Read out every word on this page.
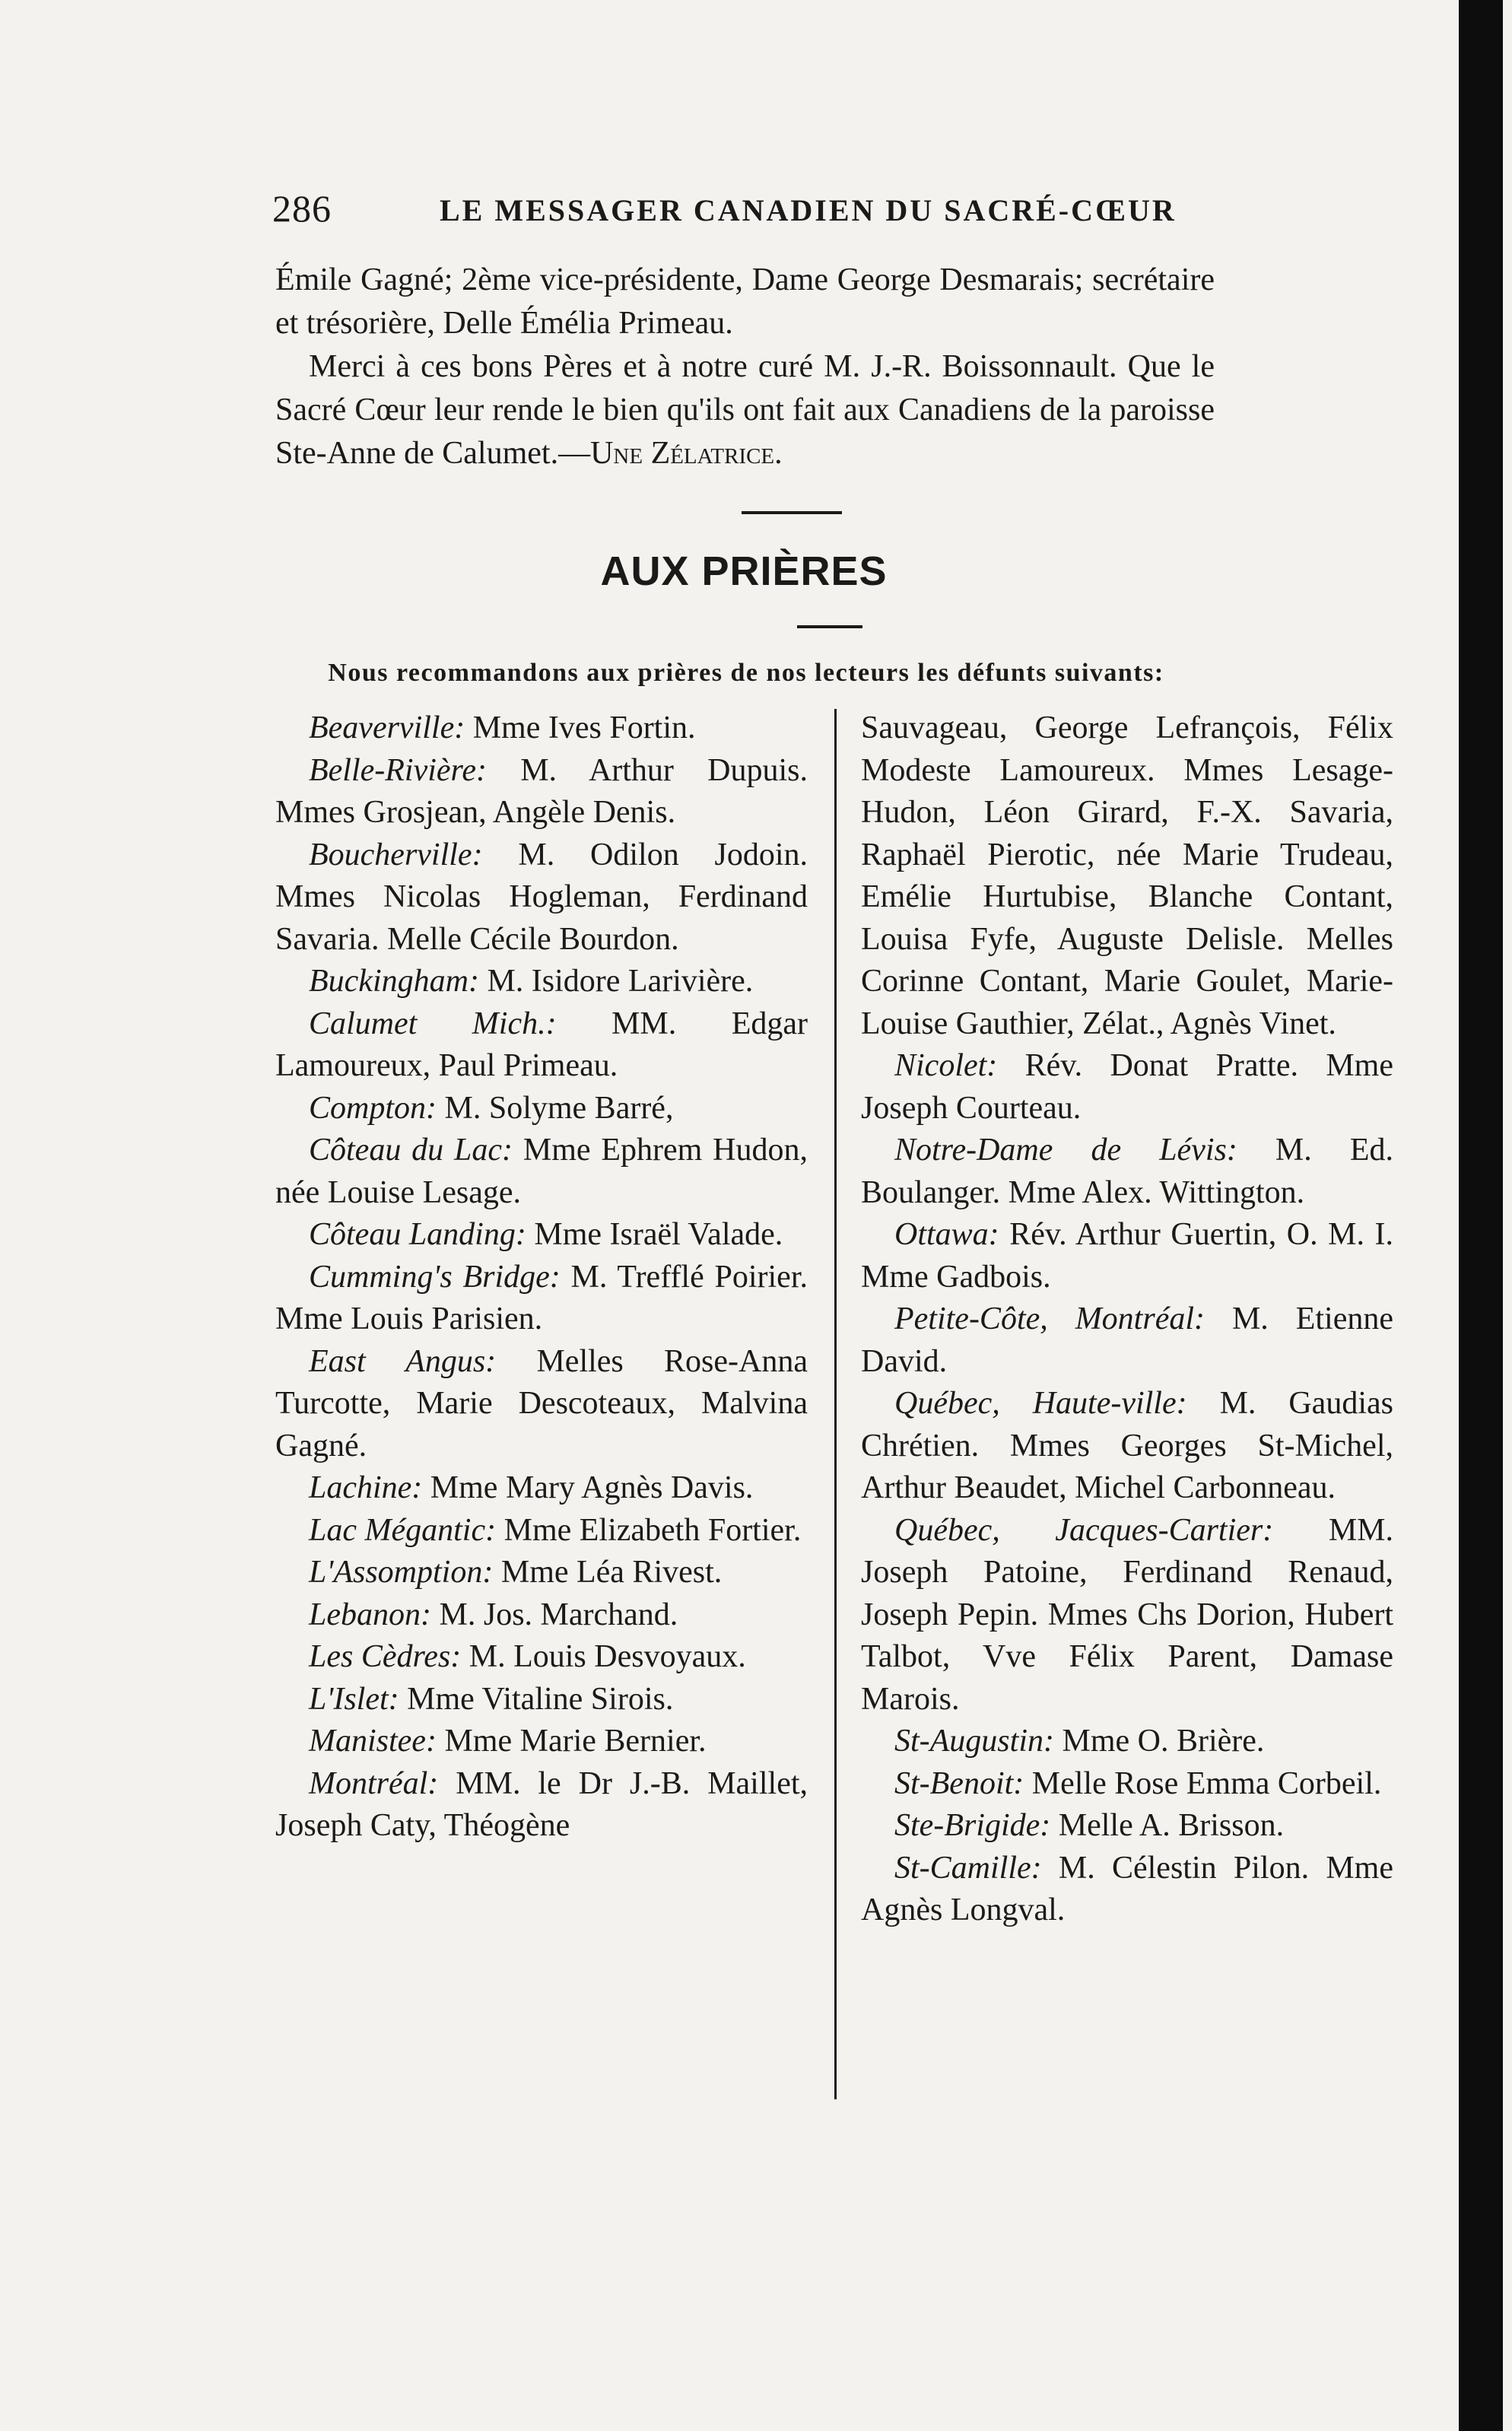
286	LE MESSAGER CANADIEN DU SACRÉ-CŒUR

Émile Gagné; 2ème vice-présidente, Dame George Desmarais; secrétaire et trésorière, Delle Émélia Primeau.

Merci à ces bons Pères et à notre curé M. J.-R. Boissonnault. Que le Sacré Cœur leur rende le bien qu'ils ont fait aux Canadiens de la paroisse Ste-Anne de Calumet.—Une Zélatrice.

AUX PRIÈRES
Nous recommandons aux prières de nos lecteurs les défunts suivants:

Beaverville: Mme Ives Fortin.

Belle-Rivière: M. Arthur Dupuis. Mmes Grosjean, Angèle Denis.

Boucherville: M. Odilon Jodoin. Mmes Nicolas Hogleman, Ferdinand Savaria. Melle Cécile Bourdon.

Buckingham: M. Isidore Larivière.

Calumet Mich.: MM. Edgar Lamoureux, Paul Primeau.

Compton: M. Solyme Barré,

Côteau du Lac: Mme Ephrem Hudon, née Louise Lesage.

Côteau Landing: Mme Israël Valade.

Cumming's Bridge: M. Trefflé Poirier. Mme Louis Parisien.

East Angus: Melles Rose-Anna Turcotte, Marie Descoteaux, Malvina Gagné.

Lachine: Mme Mary Agnès Davis.

Lac Mégantic: Mme Elizabeth Fortier.

L'Assomption: Mme Léa Rivest.

Lebanon: M. Jos. Marchand.

Les Cèdres: M. Louis Desvoyaux.

L'Islet: Mme Vitaline Sirois.

Manistee: Mme Marie Bernier.

Montréal: MM. le Dr J.-B. Maillet, Joseph Caty, Théogène

Sauvageau, George Lefrançois, Félix Modeste Lamoureux. Mmes Lesage-Hudon, Léon Girard, F.-X. Savaria, Raphaël Pierotic, née Marie Trudeau, Emélie Hurtubise, Blanche Contant, Louisa Fyfe, Auguste Delisle. Melles Corinne Contant, Marie Goulet, Marie-Louise Gauthier, Zélat., Agnès Vinet.

Nicolet: Rév. Donat Pratte. Mme Joseph Courteau.

Notre-Dame de Lévis: M. Ed. Boulanger. Mme Alex. Wittington.

Ottawa: Rév. Arthur Guertin, O. M. I. Mme Gadbois.

Petite-Côte, Montréal: M. Etienne David.

Québec, Haute-ville: M. Gaudias Chrétien. Mmes Georges St-Michel, Arthur Beaudet, Michel Carbonneau.

Québec, Jacques-Cartier: MM. Joseph Patoine, Ferdinand Renaud, Joseph Pepin. Mmes Chs Dorion, Hubert Talbot, Vve Félix Parent, Damase Marois.

St-Augustin: Mme O. Brière.

St-Benoit: Melle Rose Emma Corbeil.

Ste-Brigide: Melle A. Brisson.

St-Camille: M. Célestin Pilon. Mme Agnès Longval.
